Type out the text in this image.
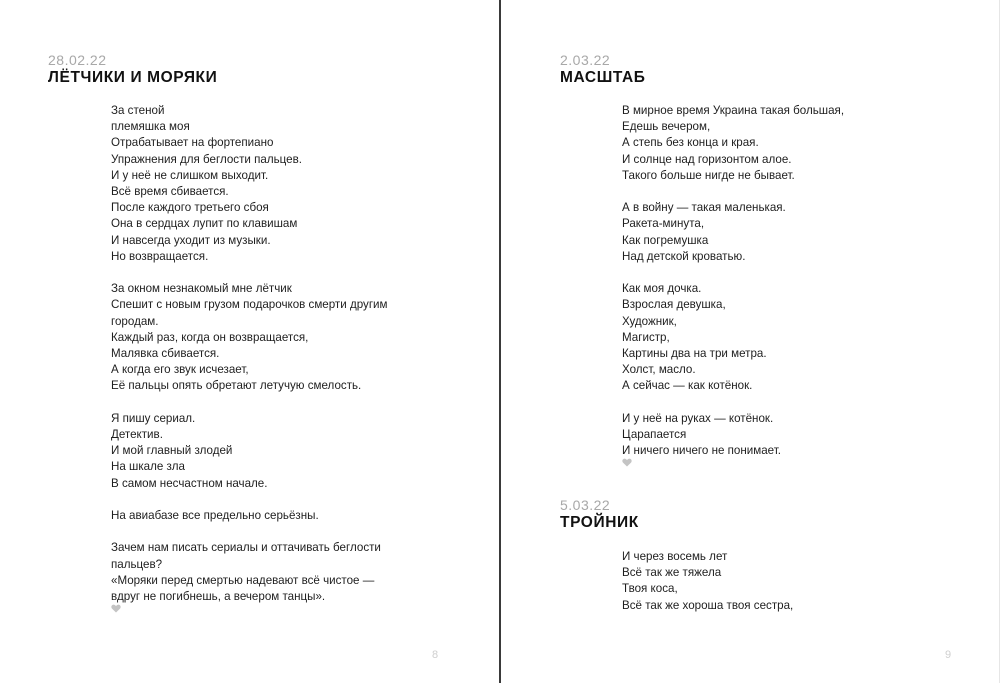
28.02.22
ЛЁТЧИКИ И МОРЯКИ
За стеной
племяшка моя
Отрабатывает на фортепиано
Упражнения для беглости пальцев.
И у неё не слишком выходит.
Всё время сбивается.
После каждого третьего сбоя
Она в сердцах лупит по клавишам
И навсегда уходит из музыки.
Но возвращается.
За окном незнакомый мне лётчик
Спешит с новым грузом подарочков смерти другим
городам.
Каждый раз, когда он возвращается,
Малявка сбивается.
А когда его звук исчезает,
Её пальцы опять обретают летучую смелость.
Я пишу сериал.
Детектив.
И мой главный злодей
На шкале зла
В самом несчастном начале.
На авиабазе все предельно серьёзны.
Зачем нам писать сериалы и оттачивать беглости
пальцев?
«Моряки перед смертью надевают всё чистое —
вдруг не погибнешь, а вечером танцы».
8
2.03.22
МАСШТАБ
В мирное время Украина такая большая,
Едешь вечером,
А степь без конца и края.
И солнце над горизонтом алое.
Такого больше нигде не бывает.
А в войну — такая маленькая.
Ракета-минута,
Как погремушка
Над детской кроватью.
Как моя дочка.
Взрослая девушка,
Художник,
Магистр,
Картины два на три метра.
Холст, масло.
А сейчас — как котёнок.
И у неё на руках — котёнок.
Царапается
И ничего ничего не понимает.
5.03.22
ТРОЙНИК
И через восемь лет
Всё так же тяжела
Твоя коса,
Всё так же хороша твоя сестра,
9
